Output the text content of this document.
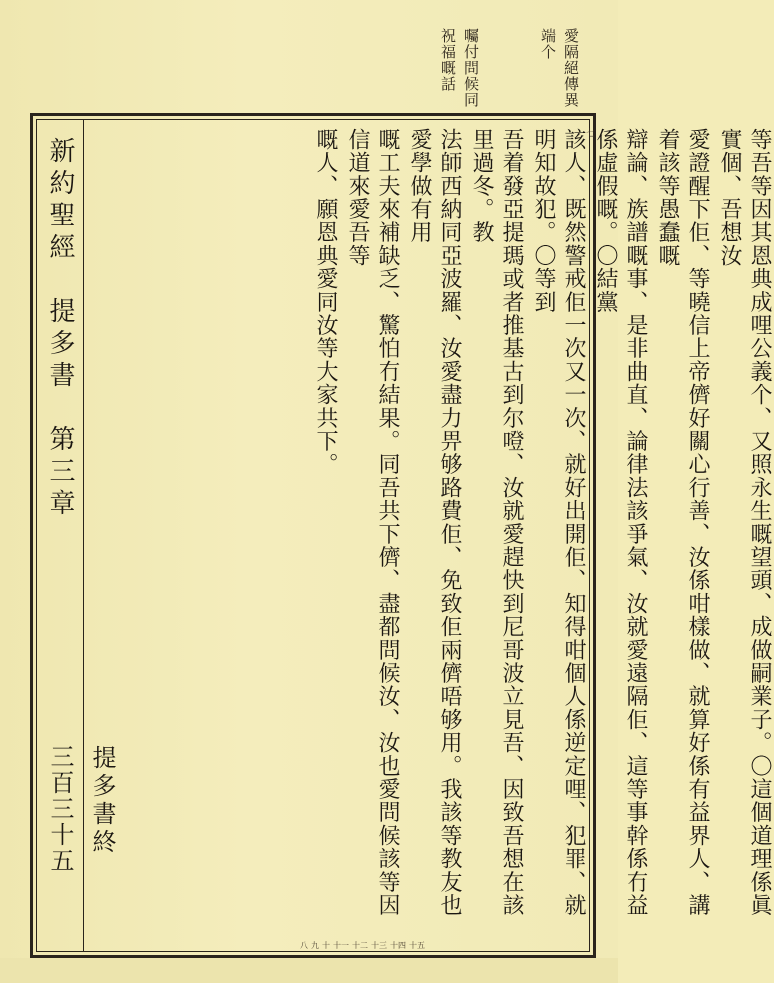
愛隔絕傳異
端个
囑付問候同
祝福嘅話
新約聖經　提多書　第三章
三百三十五 提多書終	等吾等因其恩典成哩公義个、又照永生嘅望頭、成做嗣業子。〇這個道理係眞實個、吾想汝
愛證醒下佢、等曉信上帝儕好關心行善、汝係咁樣做、就算好係有益界人、講着該等愚蠢嘅
辯論、族譜嘅事、是非曲直、論律法該爭氣、汝就愛遠隔佢、這等事幹係冇益係虛假嘅。〇結黨
該人、既然警戒佢一次又一次、就好出開佢、知得咁個人係逆定哩、犯罪、就明知故犯。〇等到
吾着發亞提瑪或者推基古到尔噔、汝就愛趕快到尼哥波立見吾、因致吾想在該里過冬。教
法師西納同亞波羅、汝愛盡力畀够路費佢、免致佢兩儕唔够用。我該等教友也愛學做有用
嘅工夫來補缺乏、驚怕冇結果。同吾共下儕、盡都問候汝、汝也愛問候該等因信道來愛吾等
嘅人、願恩典愛同汝等大家共下。	七
八 九 十 十一 十二 十三 十四 十五
